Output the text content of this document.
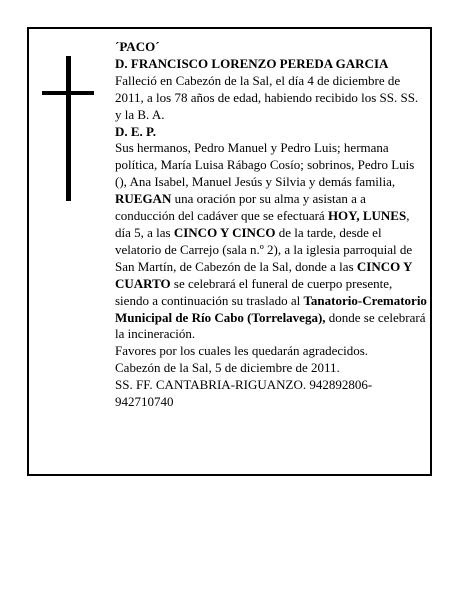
´PACO´

D. FRANCISCO LORENZO PEREDA GARCIA

Falleció en Cabezón de la Sal, el día 4 de diciembre de 2011, a los 78 años de edad, habiendo recibido los SS. SS. y la B. A.

D. E. P.

Sus hermanos, Pedro Manuel y Pedro Luis; hermana política, María Luisa Rábago Cosío; sobrinos, Pedro Luis (), Ana Isabel, Manuel Jesús y Silvia y demás familia,

RUEGAN una oración por su alma y asistan a a conducción del cadáver que se efectuará HOY, LUNES, día 5, a las CINCO Y CINCO de la tarde, desde el velatorio de Carrejo (sala n.º 2), a la iglesia parroquial de San Martín, de Cabezón de la Sal, donde a las CINCO Y CUARTO se celebrará el funeral de cuerpo presente, siendo a continuación su traslado al Tanatorio-Crematorio Municipal de Río Cabo (Torrelavega), donde se celebrará la incineración.

Favores por los cuales les quedarán agradecidos.

Cabezón de la Sal, 5 de diciembre de 2011.

SS. FF. CANTABRIA-RIGUANZO. 942892806-942710740
